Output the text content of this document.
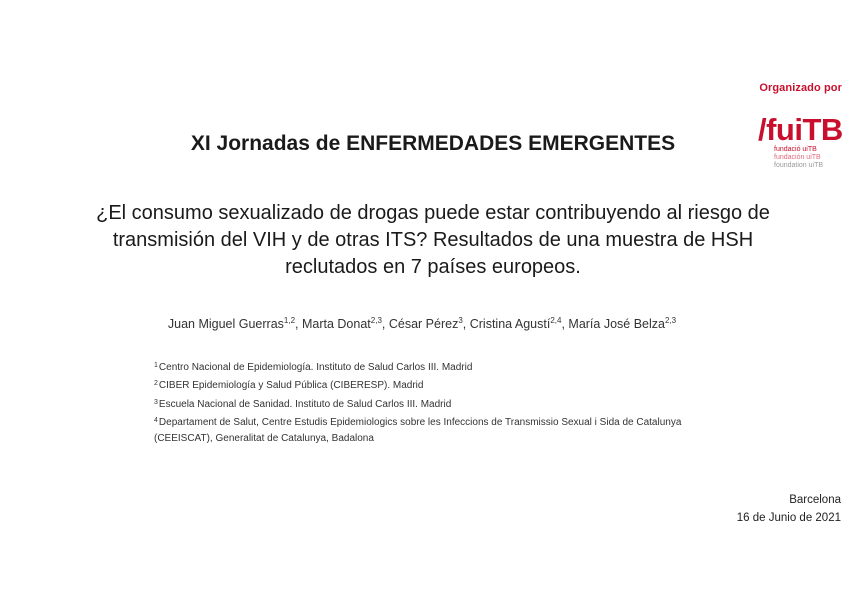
Organizado por
/fuiTB
fundació uiTB
fundación uiTB
foundation uiTB
XI Jornadas de ENFERMEDADES EMERGENTES
¿El consumo sexualizado de drogas puede estar contribuyendo al riesgo de transmisión del VIH y de otras ITS? Resultados de una muestra de HSH reclutados en 7 países europeos.
Juan Miguel Guerras$^{1,2}$, Marta Donat$^{2,3}$, César Pérez$^3$, Cristina Agustí$^{2,4}$, María José Belza$^{2,3}$
$^1$Centro Nacional de Epidemiología. Instituto de Salud Carlos III. Madrid
$^2$CIBER Epidemiología y Salud Pública (CIBERESP). Madrid
$^3$Escuela Nacional de Sanidad. Instituto de Salud Carlos III. Madrid
$^4$Departament de Salut, Centre Estudis Epidemiologics sobre les Infeccions de Transmissio Sexual i Sida de Catalunya (CEEISCAT), Generalitat de Catalunya, Badalona
Barcelona
16 de Junio de 2021
